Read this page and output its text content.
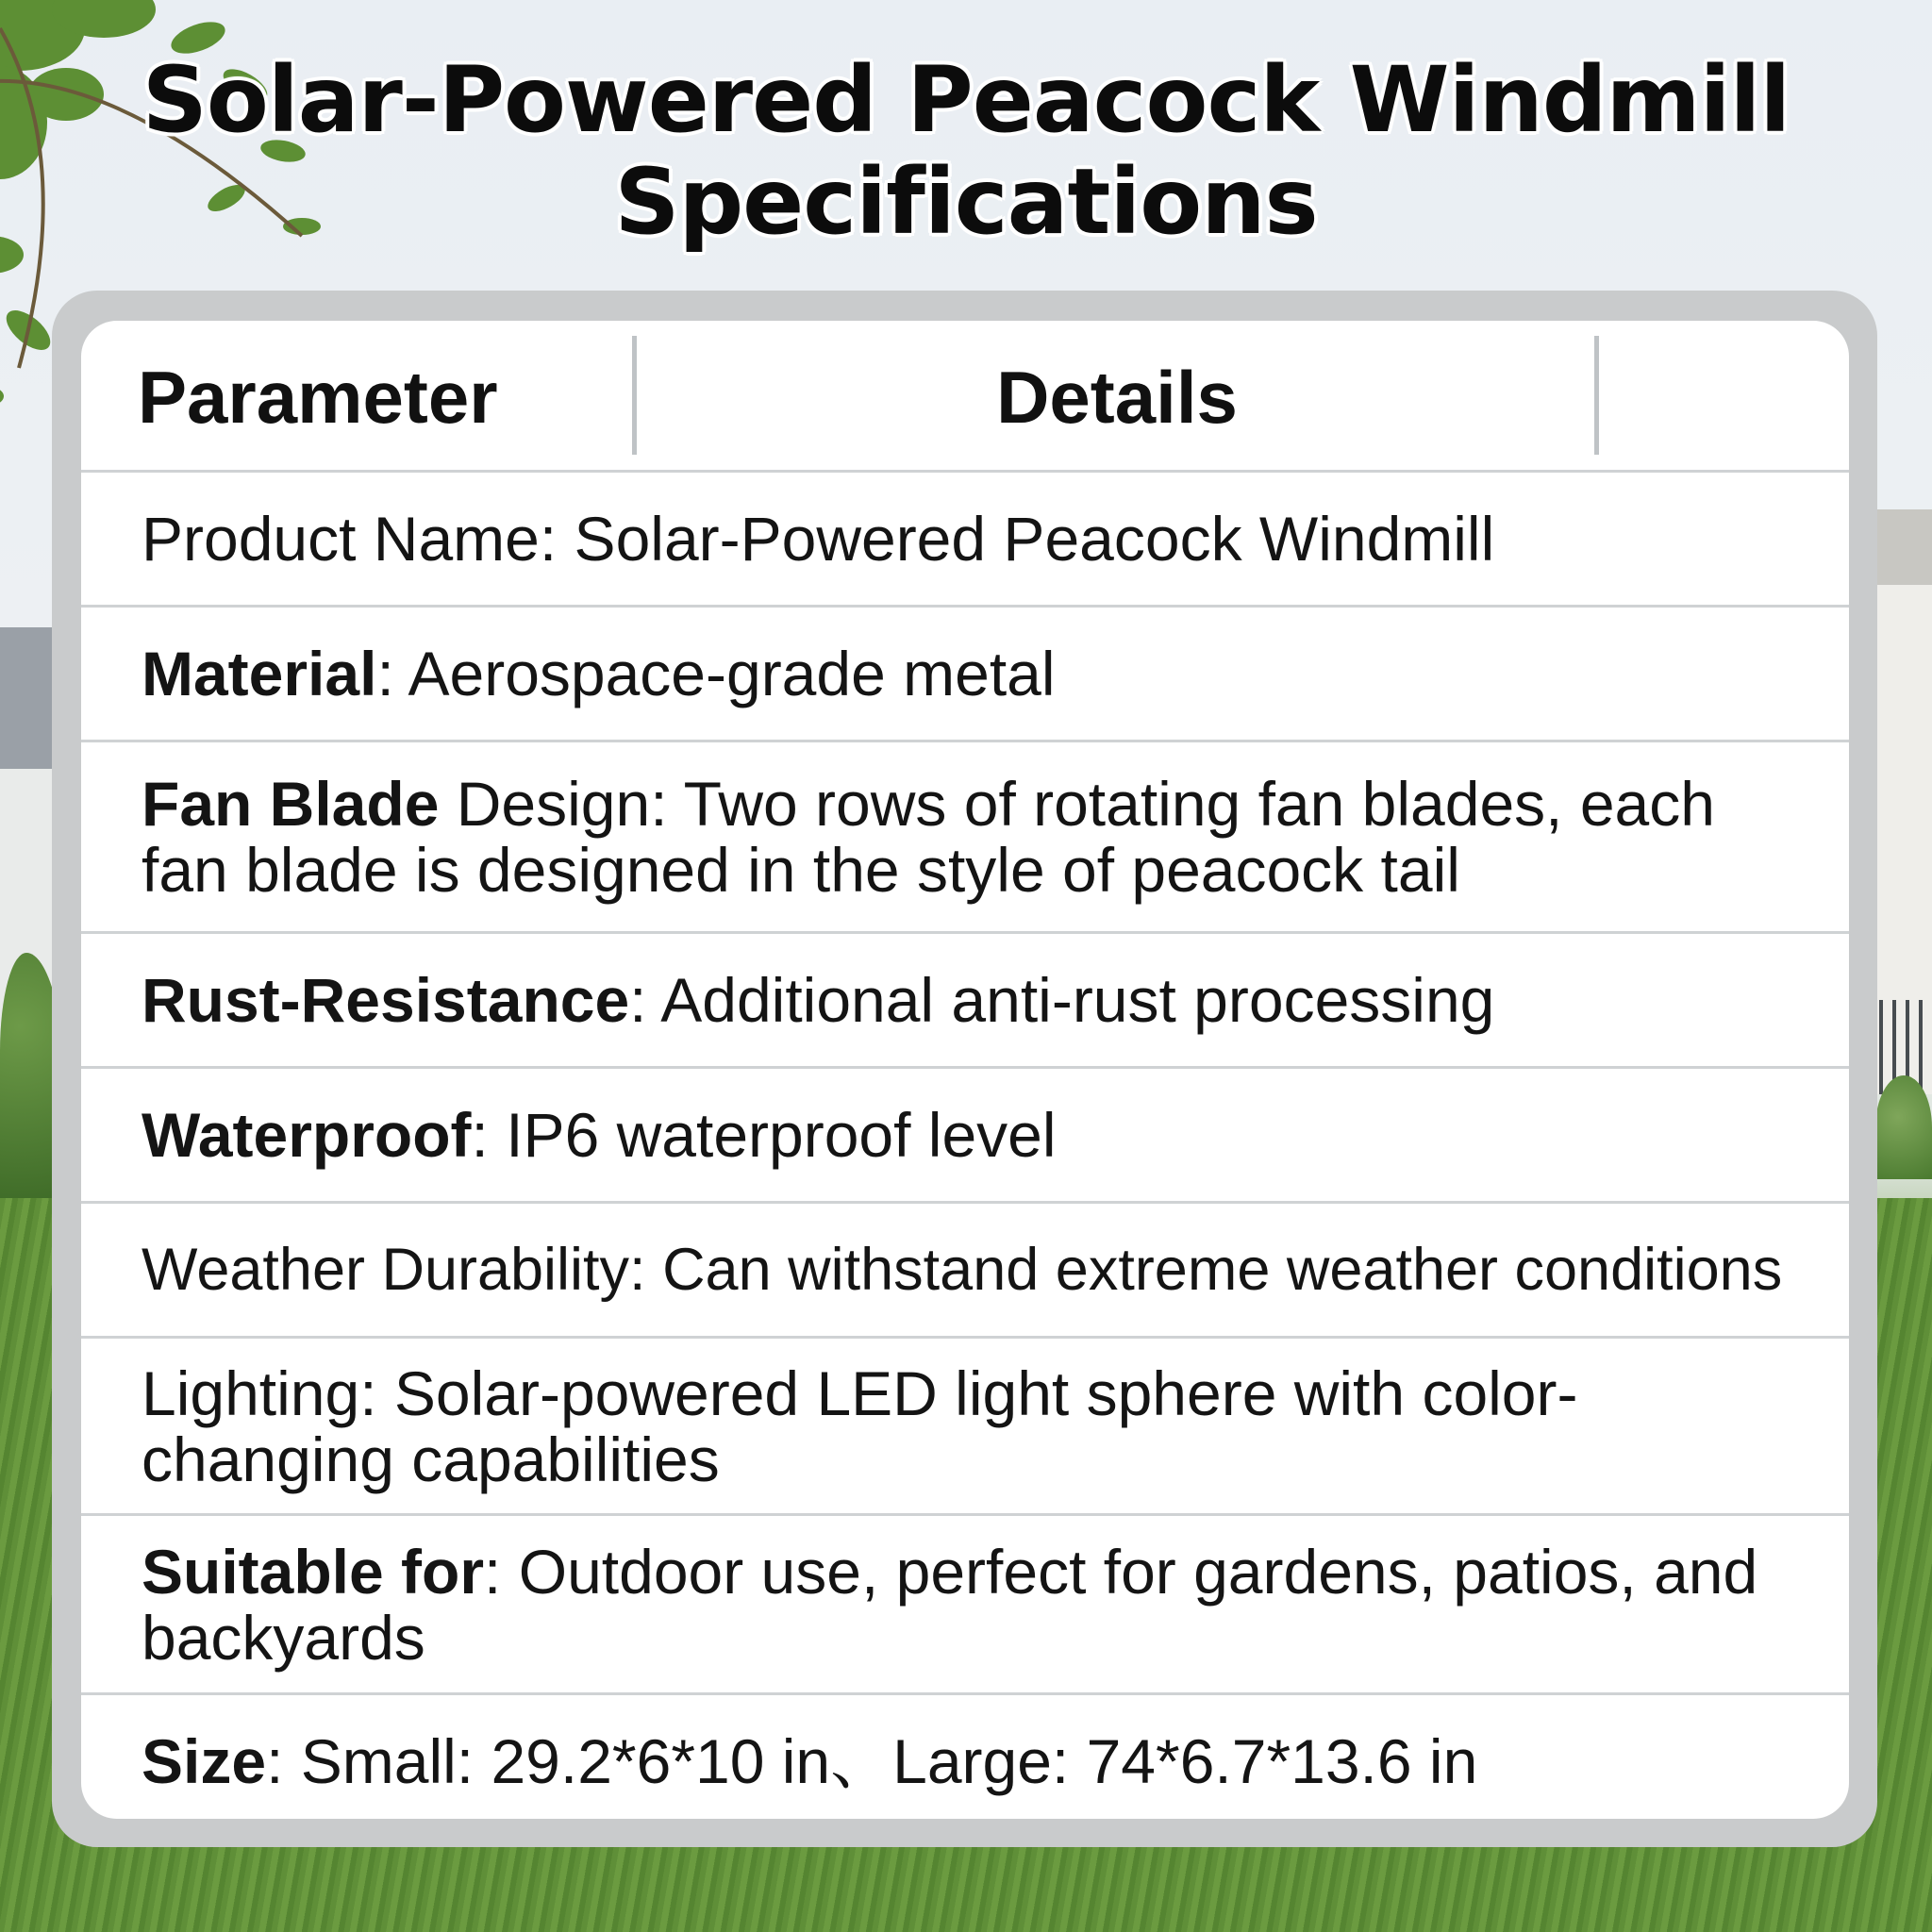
Solar-Powered Peacock Windmill
Specifications
Parameter	Details
Product Name: Solar-Powered Peacock Windmill
Material: Aerospace-grade metal
Fan Blade Design: Two rows of rotating fan blades, each fan blade is designed in the style of peacock tail
Rust-Resistance: Additional anti-rust processing
Waterproof: IP6 waterproof level
Weather Durability: Can withstand extreme weather conditions
Lighting: Solar-powered LED light sphere with color-changing capabilities
Suitable for: Outdoor use, perfect for gardens, patios, and backyards
Size: Small: 29.2*6*10 in、Large: 74*6.7*13.6 in
